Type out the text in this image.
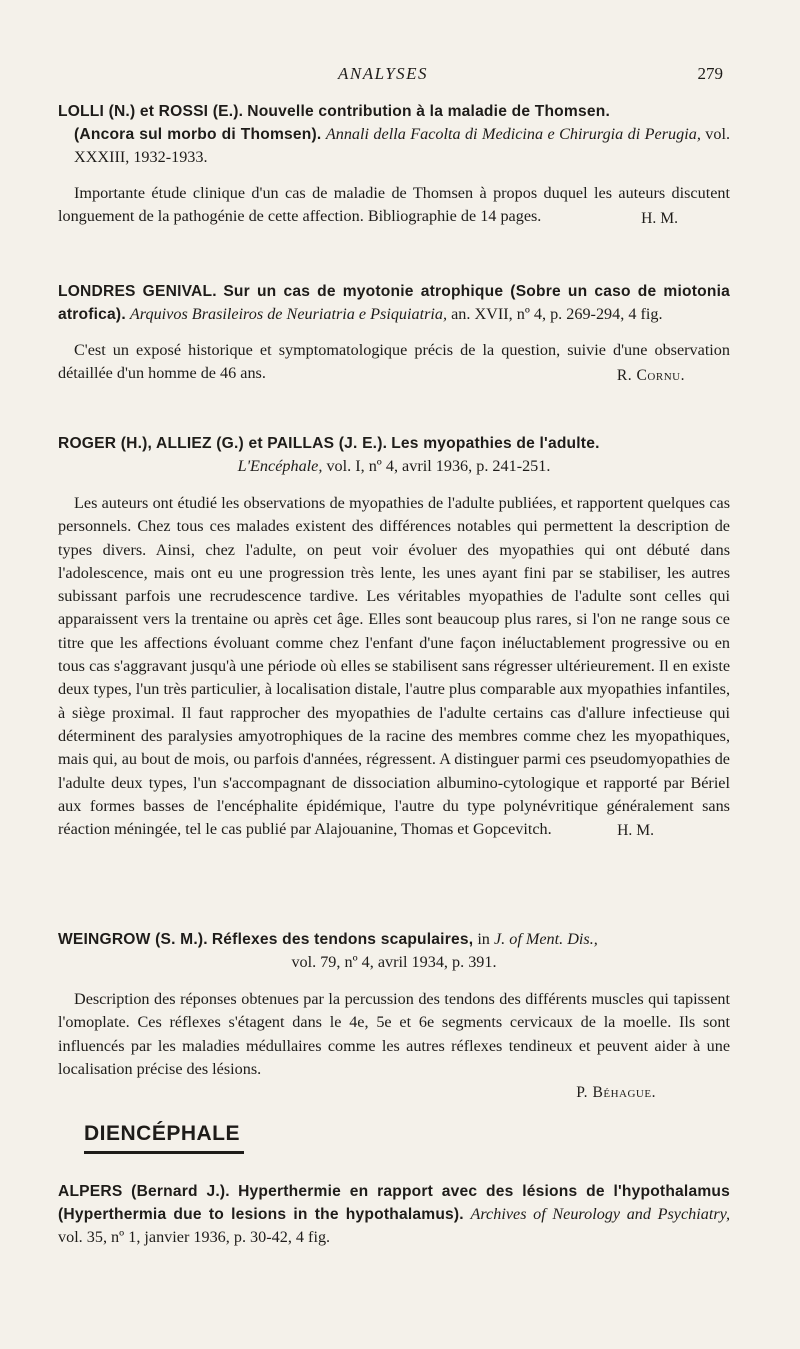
ANALYSES	279

LOLLI (N.) et ROSSI (E.). Nouvelle contribution à la maladie de Thomsen.
(Ancora sul morbo di Thomsen). Annali della Facolta di Medicina e Chirurgia di Perugia, vol. XXXIII, 1932-1933.

Importante étude clinique d'un cas de maladie de Thomsen à propos duquel les auteurs discutent longuement de la pathogénie de cette affection. Bibliographie de 14 pages.	H. M.

LONDRES GENIVAL. Sur un cas de myotonie atrophique (Sobre un caso de miotonia atrofica). Arquivos Brasileiros de Neuriatria e Psiquiatria, an. XVII, nº 4, p. 269-294, 4 fig.

C'est un exposé historique et symptomatologique précis de la question, suivie d'une observation détaillée d'un homme de 46 ans.	R. Cornu.

ROGER (H.), ALLIEZ (G.) et PAILLAS (J. E.). Les myopathies de l'adulte.
L'Encéphale, vol. I, nº 4, avril 1936, p. 241-251.

Les auteurs ont étudié les observations de myopathies de l'adulte publiées, et rapportent quelques cas personnels. Chez tous ces malades existent des différences notables qui permettent la description de types divers. Ainsi, chez l'adulte, on peut voir évoluer des myopathies qui ont débuté dans l'adolescence, mais ont eu une progression très lente, les unes ayant fini par se stabiliser, les autres subissant parfois une recrudescence tardive. Les véritables myopathies de l'adulte sont celles qui apparaissent vers la trentaine ou après cet âge. Elles sont beaucoup plus rares, si l'on ne range sous ce titre que les affections évoluant comme chez l'enfant d'une façon inéluctablement progressive ou en tous cas s'aggravant jusqu'à une période où elles se stabilisent sans régresser ultérieurement. Il en existe deux types, l'un très particulier, à localisation distale, l'autre plus comparable aux myopathies infantiles, à siège proximal. Il faut rapprocher des myopathies de l'adulte certains cas d'allure infectieuse qui déterminent des paralysies amyotrophiques de la racine des membres comme chez les myopathiques, mais qui, au bout de mois, ou parfois d'années, régressent. A distinguer parmi ces pseudomyopathies de l'adulte deux types, l'un s'accompagnant de dissociation albumino-cytologique et rapporté par Bériel aux formes basses de l'encéphalite épidémique, l'autre du type polynévritique généralement sans réaction méningée, tel le cas publié par Alajouanine, Thomas et Gopcevitch.	H. M.

WEINGROW (S. M.). Réflexes des tendons scapulaires, in J. of Ment. Dis.,
vol. 79, nº 4, avril 1934, p. 391.

Description des réponses obtenues par la percussion des tendons des différents muscles qui tapissent l'omoplate. Ces réflexes s'étagent dans le 4e, 5e et 6e segments cervicaux de la moelle. Ils sont influencés par les maladies médullaires comme les autres réflexes tendineux et peuvent aider à une localisation précise des lésions.

P. Béhague.

DIENCÉPHALE

ALPERS (Bernard J.). Hyperthermie en rapport avec des lésions de l'hypothalamus (Hyperthermia due to lesions in the hypothalamus). Archives of Neurology and Psychiatry, vol. 35, nº 1, janvier 1936, p. 30-42, 4 fig.
